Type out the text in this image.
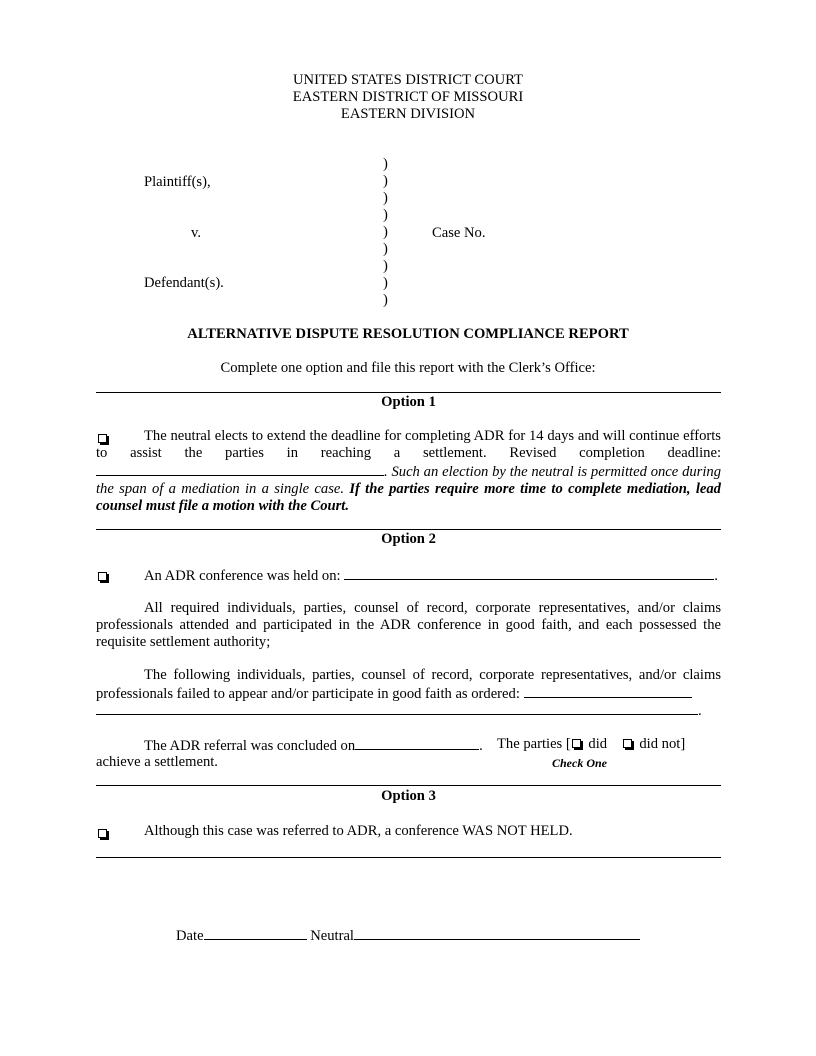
UNITED STATES DISTRICT COURT
EASTERN DISTRICT OF MISSOURI
EASTERN DIVISION
Plaintiff(s),
v.
Defendant(s).
)
)
)
)
)
)
)
)
)
Case No.
ALTERNATIVE DISPUTE RESOLUTION COMPLIANCE REPORT
Complete one option and file this report with the Clerk’s Office:
Option 1
The neutral elects to extend the deadline for completing ADR for 14 days and will continue efforts to assist the parties in reaching a settlement. Revised completion deadline: . Such an election by the neutral is permitted once during the span of a mediation in a single case. If the parties require more time to complete mediation, lead counsel must file a motion with the Court.
Option 2
An ADR conference was held on:	.
All required individuals, parties, counsel of record, corporate representatives, and/or claims professionals attended and participated in the ADR conference in good faith, and each possessed the requisite settlement authority;
The following individuals, parties, counsel of record, corporate representatives, and/or claims professionals failed to appear and/or participate in good faith as ordered:
.
The ADR referral was concluded on	. The parties [ did did not]
achieve a settlement.	Check One
Option 3
Although this case was referred to ADR, a conference WAS NOT HELD.
Date	Neutral
